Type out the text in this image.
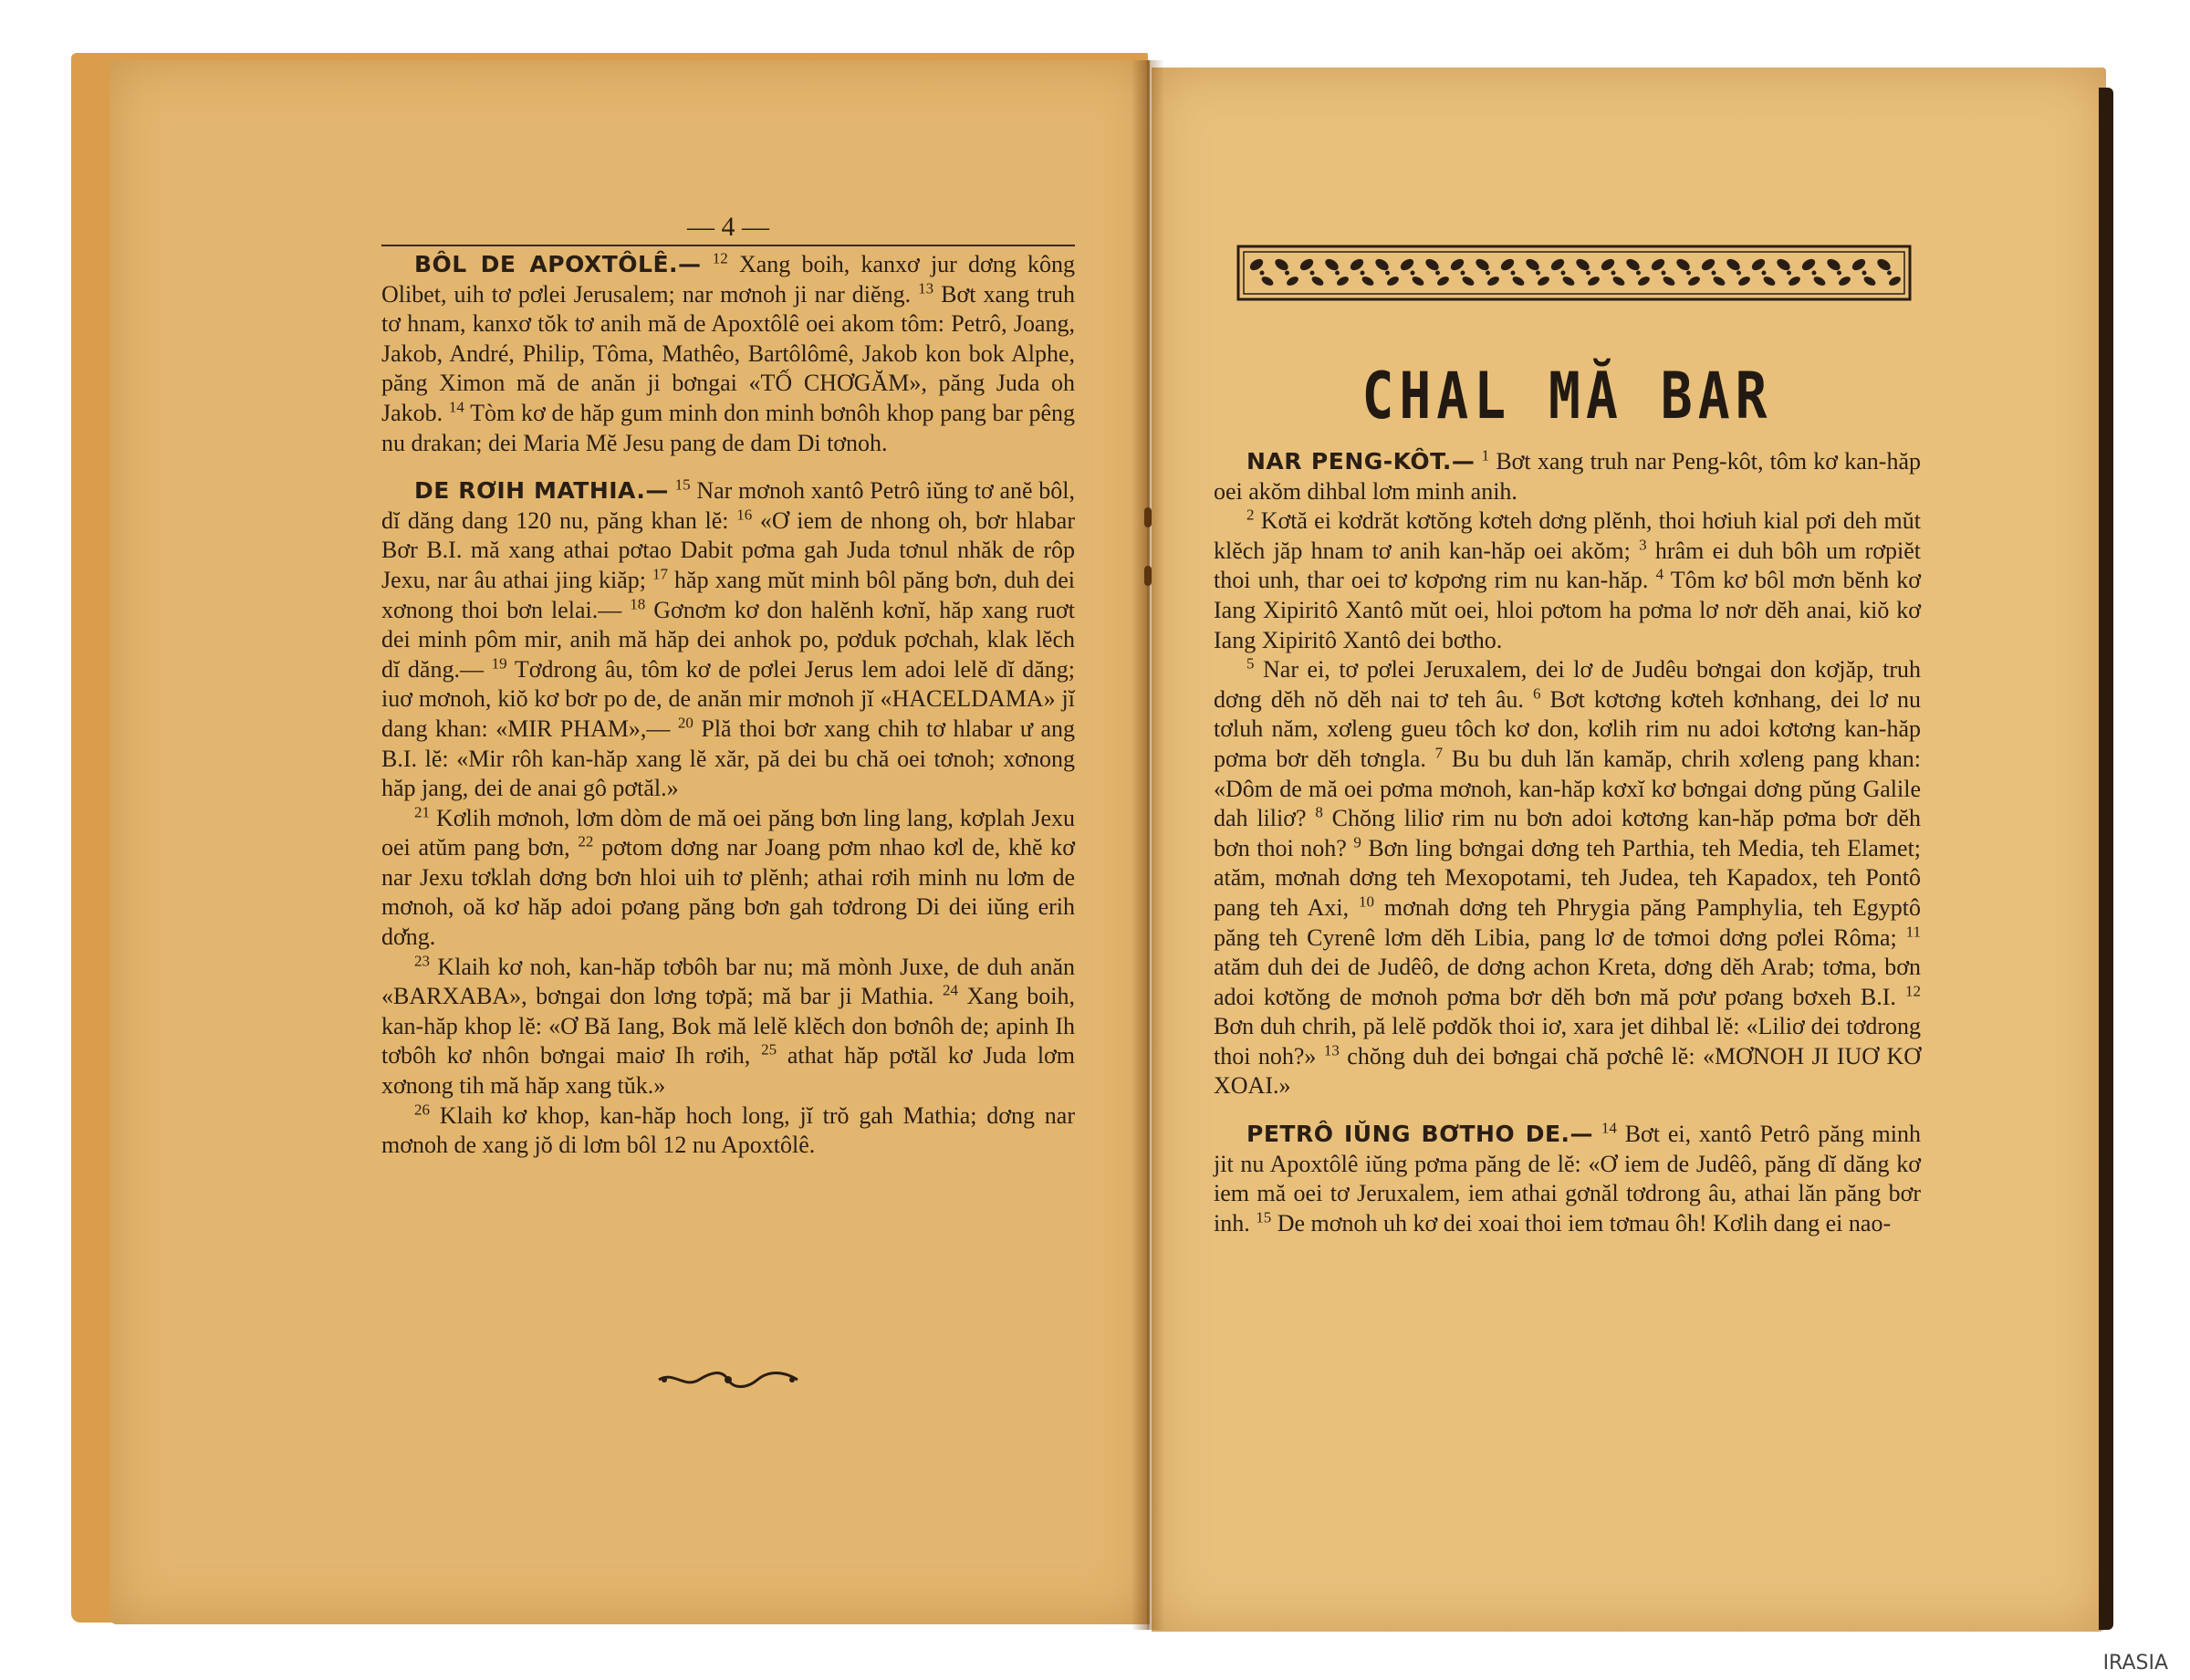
— 4 —

BÔL DE APOXTÔLÊ.— $^{12}$ Xang boih, kanxơ jur dơng kông Olibet, uih tơ pơlei Jerusalem; nar mơnoh ji nar diĕng. $^{13}$ Bơt xang truh tơ hnam, kanxơ tŏk tơ anih mă de Apoxtôlê oei akom tôm: Petrô, Joang, Jakob, André, Philip, Tôma, Mathêo, Bartôlômê, Jakob kon bok Alphe, păng Ximon mă de anăn ji bơngai «TỐ CHƠGĂM», păng Juda oh Jakob. $^{14}$ Tòm kơ de hăp gum minh don minh bơnôh khop pang bar pêng nu drakan; dei Maria Mĕ Jesu pang de dam Di tơnoh.

DE RƠIH MATHIA.— $^{15}$ Nar mơnoh xantô Petrô iŭng tơ anĕ bôl, dĭ dăng dang 120 nu, păng khan lĕ: $^{16}$ «Ơ iem de nhong oh, bơr hlabar Bơr B.I. mă xang athai pơtao Dabit pơma gah Juda tơnul nhăk de rôp Jexu, nar âu athai jing kiăp; $^{17}$ hăp xang mŭt minh bôl păng bơn, duh dei xơnong thoi bơn lelai.— $^{18}$ Gơnơm kơ don halĕnh kơnĭ, hăp xang ruơt dei minh pôm mir, anih mă hăp dei anhok po, pơduk pơchah, klak lĕch dĭ dăng.— $^{19}$ Tơdrong âu, tôm kơ de pơlei Jerus lem adoi lelĕ dĭ dăng; iuơ mơnoh, kiŏ kơ bơr po de, de anăn mir mơnoh jĭ «HACELDAMA» jĭ dang khan: «MIR PHAM»,— $^{20}$ Plă thoi bơr xang chih tơ hlabar ư ang B.I. lĕ: «Mir rôh kan-hăp xang lĕ xăr, pă dei bu chă oei tơnoh; xơnong hăp jang, dei de anai gô pơtăl.»

$^{21}$ Kơlih mơnoh, lơm dòm de mă oei păng bơn ling lang, kơplah Jexu oei atŭm pang bơn, $^{22}$ pơtom dơng nar Joang pơm nhao kơl de, khĕ kơ nar Jexu tơklah dơng bơn hloi uih tơ plĕnh; athai rơih minh nu lơm de mơnoh, oă kơ hăp adoi pơang păng bơn gah tơdrong Di dei iŭng erih dơ̆ng.

$^{23}$ Klaih kơ noh, kan-hăp tơbôh bar nu; mă mònh Juxe, de duh anăn «BARXABA», bơngai don lơng tơpă; mă bar ji Mathia. $^{24}$ Xang boih, kan-hăp khop lĕ: «Ơ Bă Iang, Bok mă lelĕ klĕch don bơnôh de; apinh Ih tơbôh kơ nhôn bơngai maiơ Ih rơih, $^{25}$ athat hăp pơtăl kơ Juda lơm xơnong tih mă hăp xang tŭk.»

$^{26}$ Klaih kơ khop, kan-hăp hoch long, jĭ trŏ gah Mathia; dơng nar mơnoh de xang jŏ di lơm bôl 12 nu Apoxtôlê.

CHAL MĂ BAR

NAR PENG-KÔT.— $^1$ Bơt xang truh nar Peng-kôt, tôm kơ kan-hăp oei akŏm dihbal lơm minh anih.

$^2$ Kơtă ei kơdrăt kơtŏng kơteh dơng plĕnh, thoi hơiuh kial pơi deh mŭt klĕch jăp hnam tơ anih kan-hăp oei akŏm; $^3$ hrâm ei duh bôh um rơpiĕt thoi unh, thar oei tơ kơpơng rim nu kan-hăp. $^4$ Tôm kơ bôl mơn bĕnh kơ Iang Xipiritô Xantô mŭt oei, hloi pơtom ha pơma lơ nơr dĕh anai, kiŏ kơ Iang Xipiritô Xantô dei bơtho.

$^5$ Nar ei, tơ pơlei Jeruxalem, dei lơ de Judêu bơngai don kơjăp, truh dơng dĕh nŏ dĕh nai tơ teh âu. $^6$ Bơt kơtơng kơteh kơnhang, dei lơ nu tơluh năm, xơleng gueu tôch kơ don, kơlih rim nu adoi kơtơng kan-hăp pơma bơr dĕh tơngla. $^7$ Bu bu duh lăn kamăp, chrih xơleng pang khan: «Dôm de mă oei pơma mơnoh, kan-hăp kơxĭ kơ bơngai dơng pŭng Galile dah liliơ? $^8$ Chŏng liliơ rim nu bơn adoi kơtơng kan-hăp pơma bơr dĕh bơn thoi noh? $^9$ Bơn ling bơngai dơng teh Parthia, teh Media, teh Elamet; atăm, mơnah dơng teh Mexopotami, teh Judea, teh Kapadox, teh Pontô pang teh Axi, $^{10}$ mơnah dơng teh Phrygia păng Pamphylia, teh Egyptô păng teh Cyrenê lơm dĕh Libia, pang lơ de tơmoi dơng pơlei Rôma; $^{11}$ atăm duh dei de Judêô, de dơng achon Kreta, dơng dĕh Arab; tơma, bơn adoi kơtŏng de mơnoh pơma bơr dĕh bơn mă pơư pơang bơxeh B.I. $^{12}$ Bơn duh chrih, pă lelĕ pơdŏk thoi iơ, xara jet dihbal lĕ: «Liliơ dei tơdrong thoi noh?» $^{13}$ chŏng duh dei bơngai chă pơchê lĕ: «MƠNOH JI IUƠ KƠ XOAI.»

PETRÔ IŬNG BƠTHO DE.— $^{14}$ Bơt ei, xantô Petrô păng minh jit nu Apoxtôlê iŭng pơma păng de lĕ: «Ơ iem de Judêô, păng dĭ dăng kơ iem mă oei tơ Jeruxalem, iem athai gơnăl tơdrong âu, athai lăn păng bơr inh. $^{15}$ De mơnoh uh kơ dei xoai thoi iem tơmau ôh! Kơlih dang ei nao-

IRASIA
